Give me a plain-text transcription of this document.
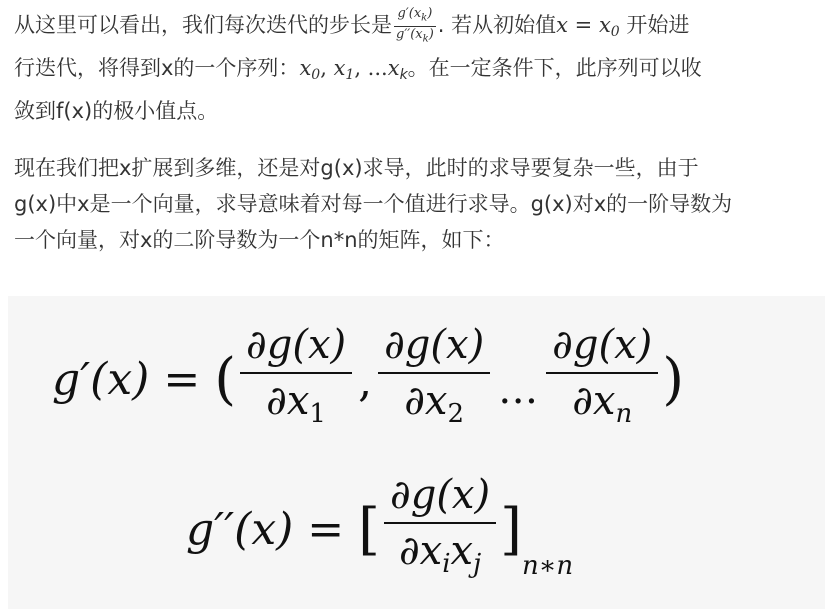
从这里可以看出，我们每次迭代的步长是 $\frac{g'(x_k)}{g''(x_k)}$ . 若从初始值$x = x_0$ 开始进
行迭代，将得到x的一个序列：$x_0$, $x_1$, $...x_k$。在一定条件下，此序列可以收
敛到f(x)的极小值点。
现在我们把x扩展到多维，还是对g(x)求导，此时的求导要复杂一些，由于
g(x)中x是一个向量，求导意味着对每一个值进行求导。g(x)对x的一阶导数为
一个向量，对x的二阶导数为一个n*n的矩阵，如下：
g′(x) = ( $\frac{\partial g(x)}{\partial x_1}$ , $\frac{\partial g(x)}{\partial x_2}$ … $\frac{\partial g(x)}{\partial x_n}$ )
g′′(x) = [ $\frac{\partial g(x)}{\partial x_ix_j}$ ]
n∗n
